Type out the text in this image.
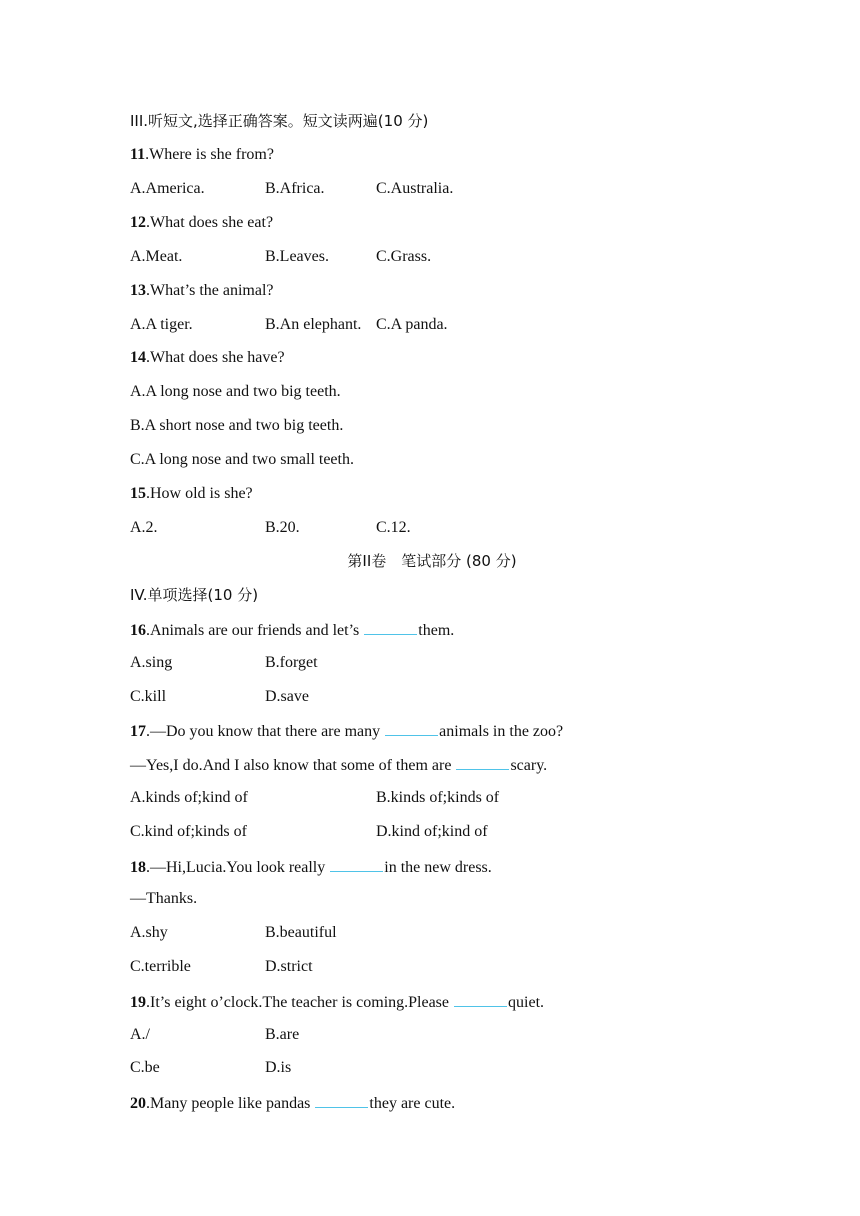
III.听短文,选择正确答案。短文读两遍(10 分)
11.Where is she from?
A.America.	B.Africa.	C.Australia.
12.What does she eat?
A.Meat.	B.Leaves.	C.Grass.
13.What’s the animal?
A.A tiger.	B.An elephant. C.A panda.
14.What does she have?
A.A long nose and two big teeth.
B.A short nose and two big teeth.
C.A long nose and two small teeth.
15.How old is she?
A.2.	B.20.	C.12.
第II卷　笔试部分 (80 分)
IV.单项选择(10 分)
16.Animals are our friends and let’s	them.
A.sing	B.forget
C.kill	D.save
17.—Do you know that there are many	animals in the zoo?
—Yes,I do.And I also know that some of them are	scary.
A.kinds of;kind of	B.kinds of;kinds of
C.kind of;kinds of	D.kind of;kind of
18.—Hi,Lucia.You look really	in the new dress.
—Thanks.
A.shy	B.beautiful
C.terrible	D.strict
19.It’s eight o’clock.The teacher is coming.Please	quiet.
A./	B.are
C.be	D.is
20.Many people like pandas	they are cute.
